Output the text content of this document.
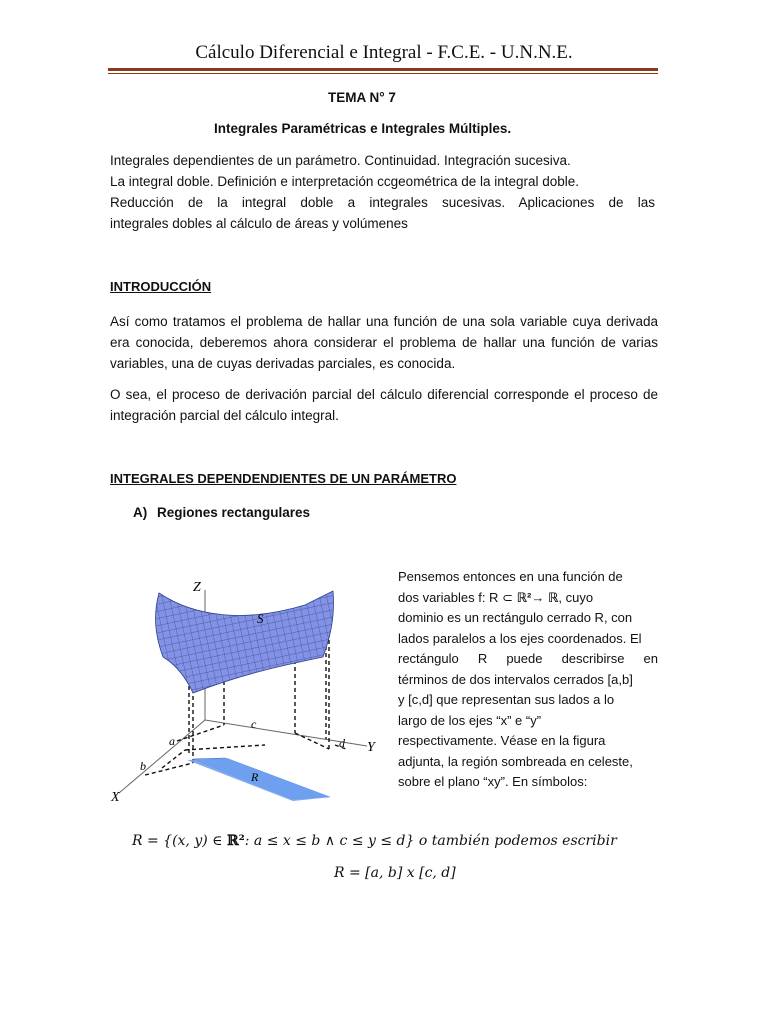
Cálculo Diferencial e Integral - F.C.E. - U.N.N.E.
TEMA N° 7
Integrales Paramétricas e Integrales Múltiples.
Integrales dependientes de un parámetro. Continuidad. Integración sucesiva.
La integral doble. Definición e interpretación ccgeométrica de la integral doble.
Reducción de la integral doble a integrales sucesivas. Aplicaciones de las
integrales dobles al cálculo de áreas y volúmenes
INTRODUCCIÓN
Así como tratamos el problema de hallar una función de una sola variable cuya derivada era conocida, deberemos ahora considerar el problema de hallar una función de varias variables, una de cuyas derivadas parciales, es conocida.
O sea, el proceso de derivación parcial del cálculo diferencial corresponde el proceso de integración parcial del cálculo integral.
INTEGRALES DEPENDENDIENTES DE UN PARÁMETRO
A) Regiones rectangulares
Z
S
R
a
b
c
d Y
X
Pensemos entonces en una función de
dos variables f: R ⊂ ℝ²→ ℝ, cuyo
dominio es un rectángulo cerrado R, con
lados paralelos a los ejes coordenados. El
rectángulo R puede describirse en
términos de dos intervalos cerrados [a,b]
y [c,d] que representan sus lados a lo
largo de los ejes “x” e “y”
respectivamente. Véase en la figura
adjunta, la región sombreada en celeste,
sobre el plano “xy”. En símbolos:
R = {(x, y) ∈ ℝ²: a ≤ x ≤ b ∧ c ≤ y ≤ d} o también podemos escribir
R = [a, b] x [c, d]
